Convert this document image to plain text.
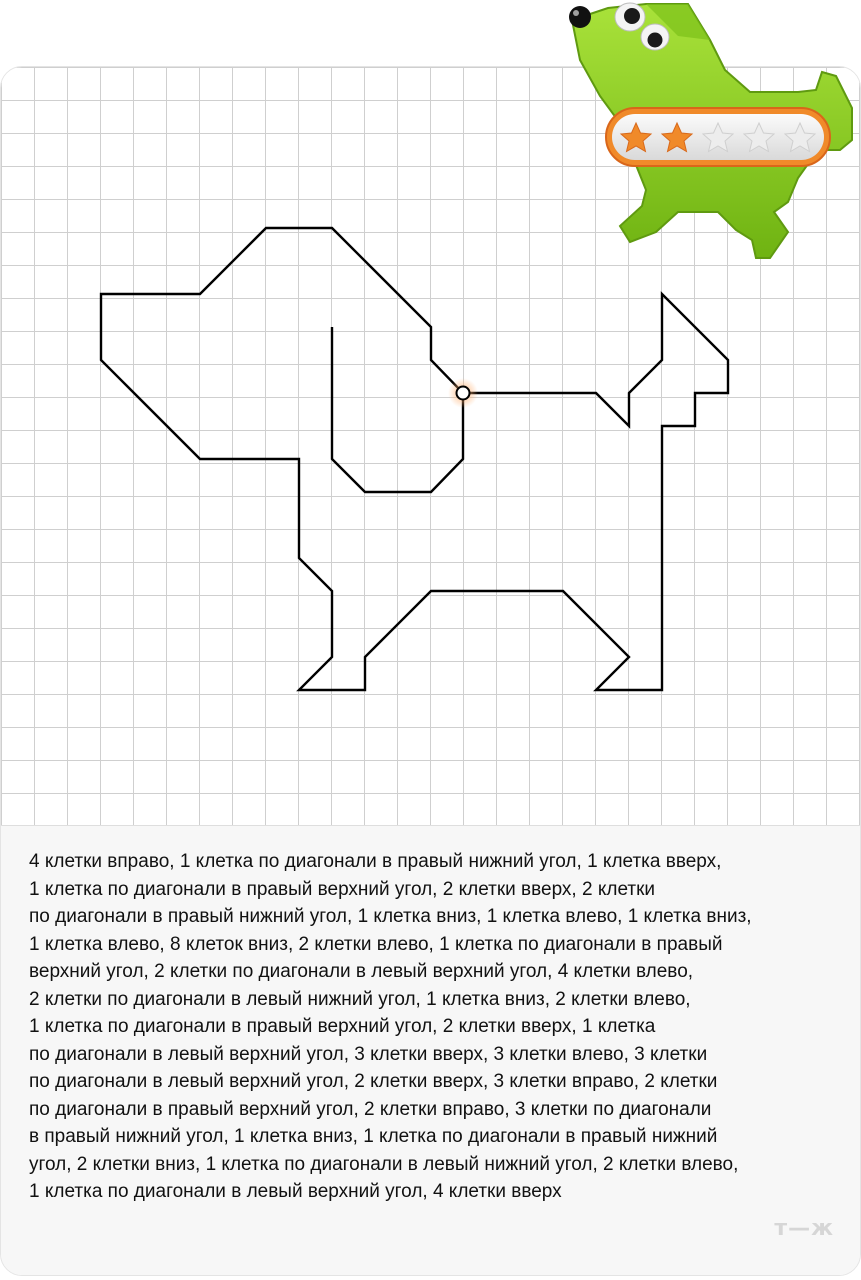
4 клетки вправо, 1 клетка по диагонали в правый нижний угол, 1 клетка вверх,
1 клетка по диагонали в правый верхний угол, 2 клетки вверх, 2 клетки
по диагонали в правый нижний угол, 1 клетка вниз, 1 клетка влево, 1 клетка вниз,
1 клетка влево, 8 клеток вниз, 2 клетки влево, 1 клетка по диагонали в правый
верхний угол, 2 клетки по диагонали в левый верхний угол, 4 клетки влево,
2 клетки по диагонали в левый нижний угол, 1 клетка вниз, 2 клетки влево,
1 клетка по диагонали в правый верхний угол, 2 клетки вверх, 1 клетка
по диагонали в левый верхний угол, 3 клетки вверх, 3 клетки влево, 3 клетки
по диагонали в левый верхний угол, 2 клетки вверх, 3 клетки вправо, 2 клетки
по диагонали в правый верхний угол, 2 клетки вправо, 3 клетки по диагонали
в правый нижний угол, 1 клетка вниз, 1 клетка по диагонали в правый нижний
угол, 2 клетки вниз, 1 клетка по диагонали в левый нижний угол, 2 клетки влево,
1 клетка по диагонали в левый верхний угол, 4 клетки вверх

т—ж
